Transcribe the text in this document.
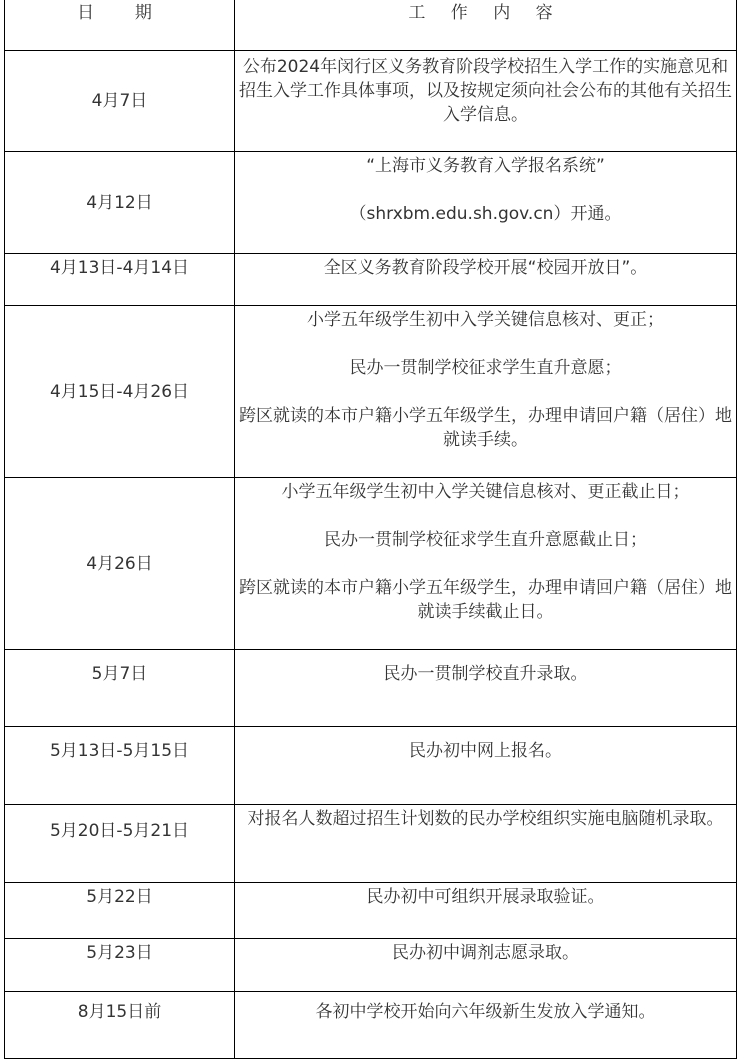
日  期	工 作 内 容
4月7日	公布2024年闵行区义务教育阶段学校招生入学工作的实施意见和招生入学工作具体事项，以及按规定须向社会公布的其他有关招生入学信息。

4月12日	“上海市义务教育入学报名系统”
（shrxbm.edu.sh.gov.cn）开通。

4月13日-4月14日	全区义务教育阶段学校开展“校园开放日”。

4月15日-4月26日	小学五年级学生初中入学关键信息核对、更正；
民办一贯制学校征求学生直升意愿；
跨区就读的本市户籍小学五年级学生，办理申请回户籍（居住）地就读手续。

4月26日	小学五年级学生初中入学关键信息核对、更正截止日；
民办一贯制学校征求学生直升意愿截止日；
跨区就读的本市户籍小学五年级学生，办理申请回户籍（居住）地就读手续截止日。

5月7日	民办一贯制学校直升录取。

5月13日-5月15日	民办初中网上报名。

5月20日-5月21日	对报名人数超过招生计划数的民办学校组织实施电脑随机录取。

5月22日	民办初中可组织开展录取验证。

5月23日	民办初中调剂志愿录取。

8月15日前	各初中学校开始向六年级新生发放入学通知。
